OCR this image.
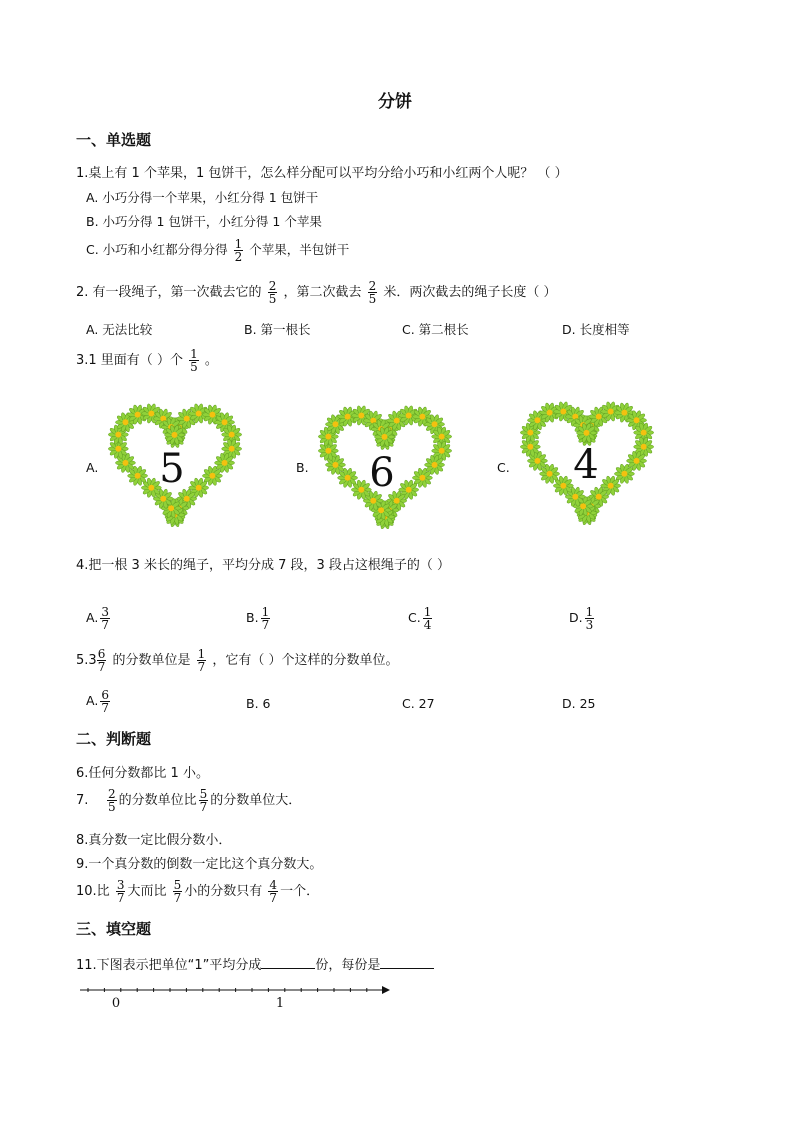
分饼
一、单选题
1.桌上有 1 个苹果，1 包饼干，怎么样分配可以平均分给小巧和小红两个人呢？ （ ）
A. 小巧分得一个苹果，小红分得 1 包饼干
B. 小巧分得 1 包饼干，小红分得 1 个苹果
C. 小巧和小红都分得分得 $\frac{1}{2}$ 个苹果，半包饼干
2. 有一段绳子，第一次截去它的 $\frac{2}{5}$ ，第二次截去 $\frac{2}{5}$ 米．两次截去的绳子长度（ ）
A. 无法比较	B. 第一根长	C. 第二根长	D. 长度相等
3.1 里面有（ ）个 $\frac{1}{5}$ 。
A.	B.	C.
5	6	4
4.把一根 3 米长的绳子，平均分成 7 段，3 段占这根绳子的（ ）
A. $\frac{3}{7}$	B. $\frac{1}{7}$	C. $\frac{1}{4}$	D. $\frac{1}{3}$
$5.3 \frac{6}{7}$ 的分数单位是 $\frac{1}{7}$ ，它有（ ）个这样的分数单位。
A. $\frac{6}{7}$	B. 6	C. 27	D. 25
二、判断题
6.任何分数都比 1 小。
7. $\frac{2}{5}$ 的分数单位比 $\frac{5}{7}$ 的分数单位大．
8.真分数一定比假分数小．
9.一个真分数的倒数一定比这个真分数大。
10.比 $\frac{3}{7}$ 大而比 $\frac{5}{7}$ 小的分数只有 $\frac{4}{7}$ 一个．
三、填空题
11.下图表示把单位“1”平均分成	份，每份是
0	1
